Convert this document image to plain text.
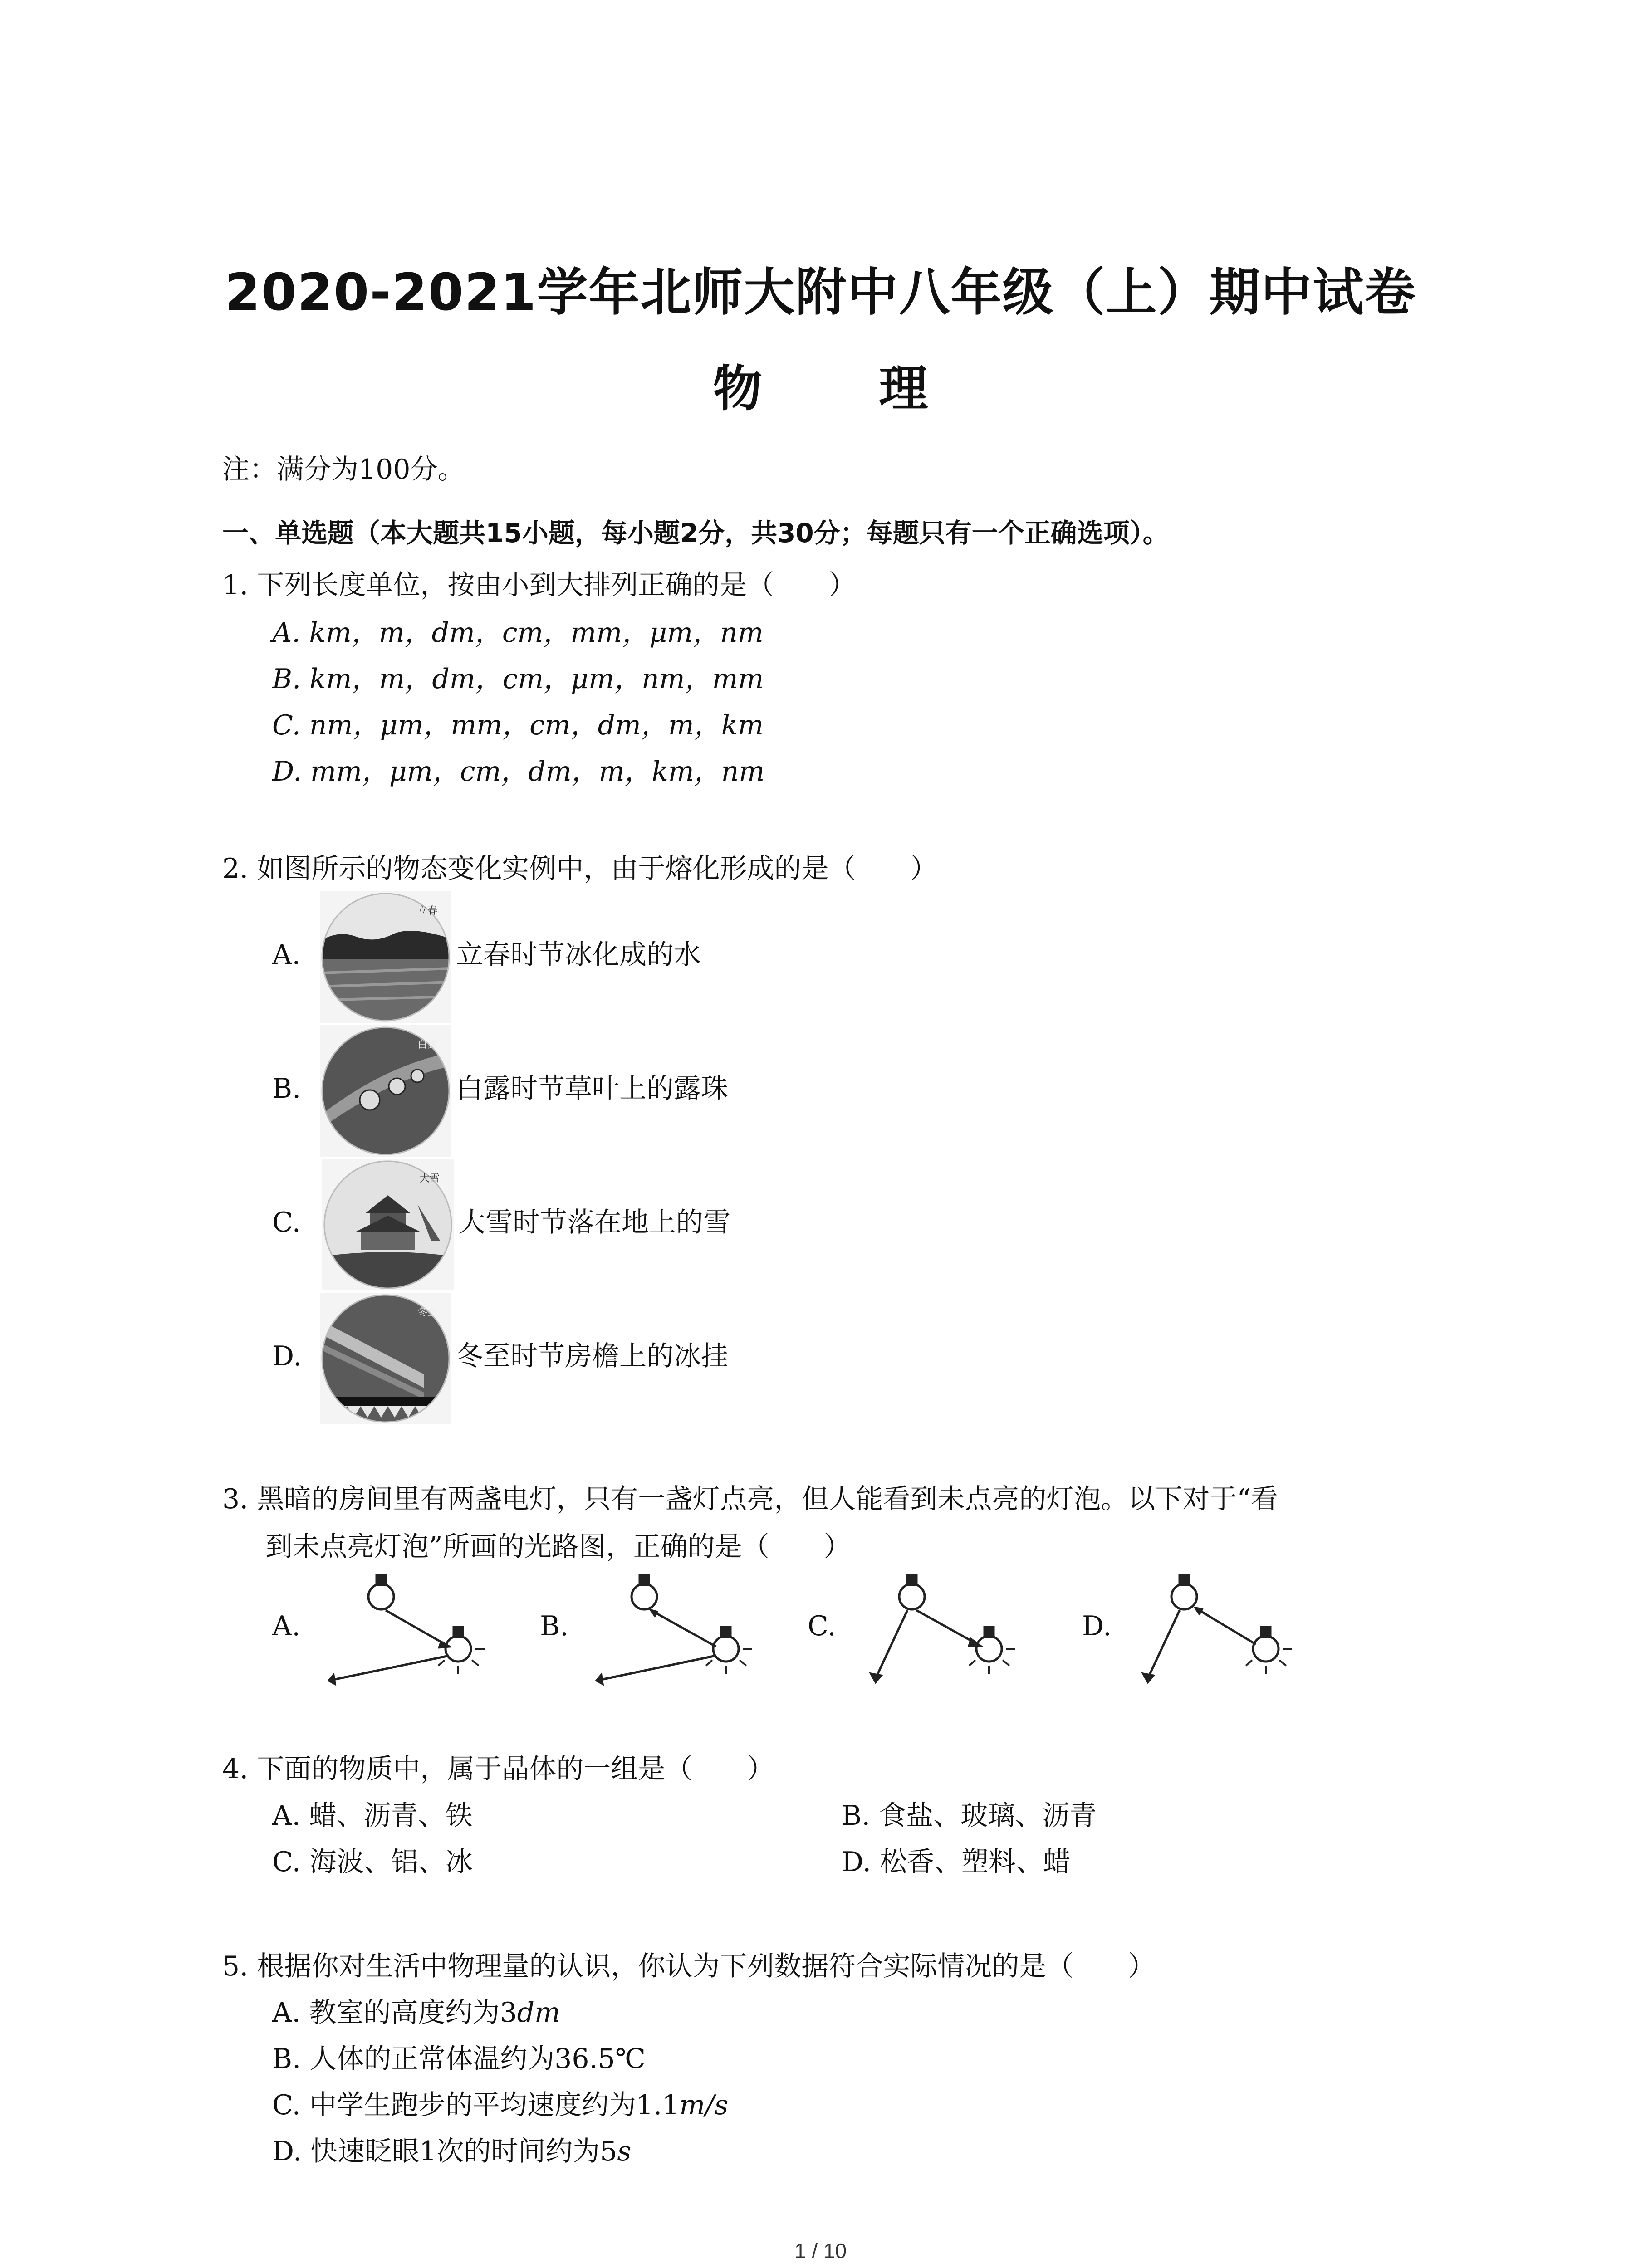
2020-2021学年北师大附中八年级（上）期中试卷
物 理
注：满分为100分。
一、单选题（本大题共15小题，每小题2分，共30分；每题只有一个正确选项）。
1. 下列长度单位，按由小到大排列正确的是（　　）
A. km，m，dm，cm，mm，μm，nm
B. km，m，dm，cm，μm，nm，mm
C. nm，μm，mm，cm，dm，m，km
D. mm，μm，cm，dm，m，km，nm
2. 如图所示的物态变化实例中，由于熔化形成的是（　　）
A.
立春
立春时节冰化成的水
B.
白露
白露时节草叶上的露珠
C.
大雪
大雪时节落在地上的雪
D.
冬至
冬至时节房檐上的冰挂
3. 黑暗的房间里有两盏电灯，只有一盏灯点亮，但人能看到未点亮的灯泡。以下对于“看
到未点亮灯泡”所画的光路图，正确的是（　　）
A.	B.	C.	D.
4. 下面的物质中，属于晶体的一组是（　　）
A. 蜡、沥青、铁	B. 食盐、玻璃、沥青
C. 海波、铝、冰	D. 松香、塑料、蜡
5. 根据你对生活中物理量的认识，你认为下列数据符合实际情况的是（　　）
A. 教室的高度约为3dm
B. 人体的正常体温约为36.5℃
C. 中学生跑步的平均速度约为1.1m/s
D. 快速眨眼1次的时间约为5s
1 / 10
